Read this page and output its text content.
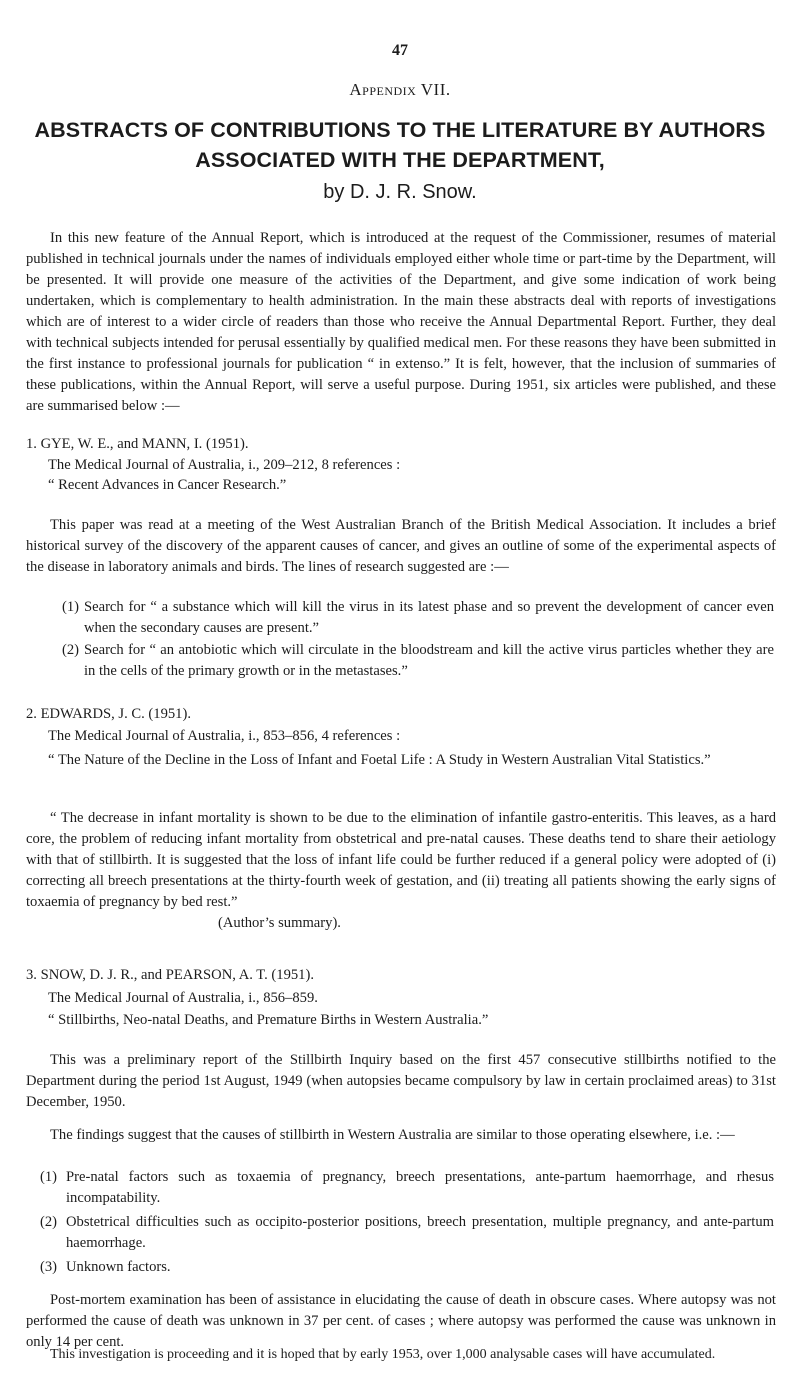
47
Appendix VII.
ABSTRACTS OF CONTRIBUTIONS TO THE LITERATURE BY AUTHORS
ASSOCIATED WITH THE DEPARTMENT,
by D. J. R. Snow.

In this new feature of the Annual Report, which is introduced at the request of the Commissioner, resumes of material published in technical journals under the names of individuals employed either whole time or part-time by the Department, will be presented. It will provide one measure of the activities of the Department, and give some indication of work being undertaken, which is complementary to health administration. In the main these abstracts deal with reports of investigations which are of interest to a wider circle of readers than those who receive the Annual Departmental Report. Further, they deal with technical subjects intended for perusal essentially by qualified medical men. For these reasons they have been submitted in the first instance to professional journals for publication “ in extenso.” It is felt, however, that the inclusion of summaries of these publications, within the Annual Report, will serve a useful purpose. During 1951, six articles were published, and these are summarised below :—

1. GYE, W. E., and MANN, I. (1951).
The Medical Journal of Australia, i., 209–212, 8 references :
“ Recent Advances in Cancer Research.”

This paper was read at a meeting of the West Australian Branch of the British Medical Association. It includes a brief historical survey of the discovery of the apparent causes of cancer, and gives an outline of some of the experimental aspects of the disease in laboratory animals and birds. The lines of research suggested are :—

(1) Search for “ a substance which will kill the virus in its latest phase and so prevent the development of cancer even when the secondary causes are present.”
(2) Search for “ an antobiotic which will circulate in the bloodstream and kill the active virus particles whether they are in the cells of the primary growth or in the metastases.”
2. EDWARDS, J. C. (1951).
The Medical Journal of Australia, i., 853–856, 4 references :
“ The Nature of the Decline in the Loss of Infant and Foetal Life : A Study in Western Australian Vital Statistics.”

“ The decrease in infant mortality is shown to be due to the elimination of infantile gastro-enteritis. This leaves, as a hard core, the problem of reducing infant mortality from obstetrical and pre-natal causes. These deaths tend to share their aetiology with that of stillbirth. It is suggested that the loss of infant life could be further reduced if a general policy were adopted of (i) correcting all breech presentations at the thirty-fourth week of gestation, and (ii) treating all patients showing the early signs of toxaemia of pregnancy by bed rest.”

(Author’s summary).
3. SNOW, D. J. R., and PEARSON, A. T. (1951).
The Medical Journal of Australia, i., 856–859.
“ Stillbirths, Neo-natal Deaths, and Premature Births in Western Australia.”

This was a preliminary report of the Stillbirth Inquiry based on the first 457 consecutive stillbirths notified to the Department during the period 1st August, 1949 (when autopsies became compulsory by law in certain proclaimed areas) to 31st December, 1950.

The findings suggest that the causes of stillbirth in Western Australia are similar to those operating elsewhere, i.e. :—

(1) Pre-natal factors such as toxaemia of pregnancy, breech presentations, ante-partum haemorrhage, and rhesus incompatability.
(2) Obstetrical difficulties such as occipito-posterior positions, breech presentation, multiple pregnancy, and ante-partum haemorrhage.
(3) Unknown factors.

Post-mortem examination has been of assistance in elucidating the cause of death in obscure cases. Where autopsy was not performed the cause of death was unknown in 37 per cent. of cases ; where autopsy was performed the cause was unknown in only 14 per cent.

This investigation is proceeding and it is hoped that by early 1953, over 1,000 analysable cases will have accumulated.
